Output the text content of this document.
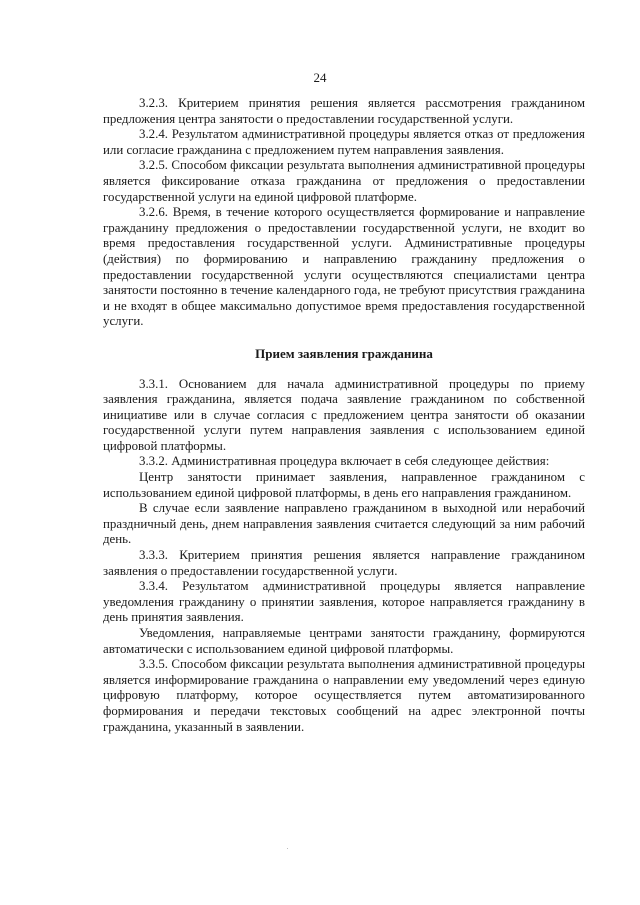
24

3.2.3. Критерием принятия решения является рассмотрения гражданином предложения центра занятости о предоставлении государственной услуги.

3.2.4. Результатом административной процедуры является отказ от предложения или согласие гражданина с предложением путем направления заявления.

3.2.5. Способом фиксации результата выполнения административной процедуры является фиксирование отказа гражданина от предложения о предоставлении государственной услуги на единой цифровой платформе.

3.2.6. Время, в течение которого осуществляется формирование и направление гражданину предложения о предоставлении государственной услуги, не входит во время предоставления государственной услуги. Административные процедуры (действия) по формированию и направлению гражданину предложения о предоставлении государственной услуги осуществляются специалистами центра занятости постоянно в течение календарного года, не требуют присутствия гражданина и не входят в общее максимально допустимое время предоставления государственной услуги.

Прием заявления гражданина

3.3.1. Основанием для начала административной процедуры по приему заявления гражданина, является подача заявление гражданином по собственной инициативе или в случае согласия с предложением центра занятости об оказании государственной услуги путем направления заявления с использованием единой цифровой платформы.

3.3.2. Административная процедура включает в себя следующее действия:

Центр занятости принимает заявления, направленное гражданином с использованием единой цифровой платформы, в день его направления гражданином.

В случае если заявление направлено гражданином в выходной или нерабочий праздничный день, днем направления заявления считается следующий за ним рабочий день.

3.3.3. Критерием принятия решения является направление гражданином заявления о предоставлении государственной услуги.

3.3.4. Результатом административной процедуры является направление уведомления гражданину о принятии заявления, которое направляется гражданину в день принятия заявления.

Уведомления, направляемые центрами занятости гражданину, формируются автоматически с использованием единой цифровой платформы.

3.3.5. Способом фиксации результата выполнения административной процедуры является информирование гражданина о направлении ему уведомлений через единую цифровую платформу, которое осуществляется путем автоматизированного формирования и передачи текстовых сообщений на адрес электронной почты гражданина, указанный в заявлении.
